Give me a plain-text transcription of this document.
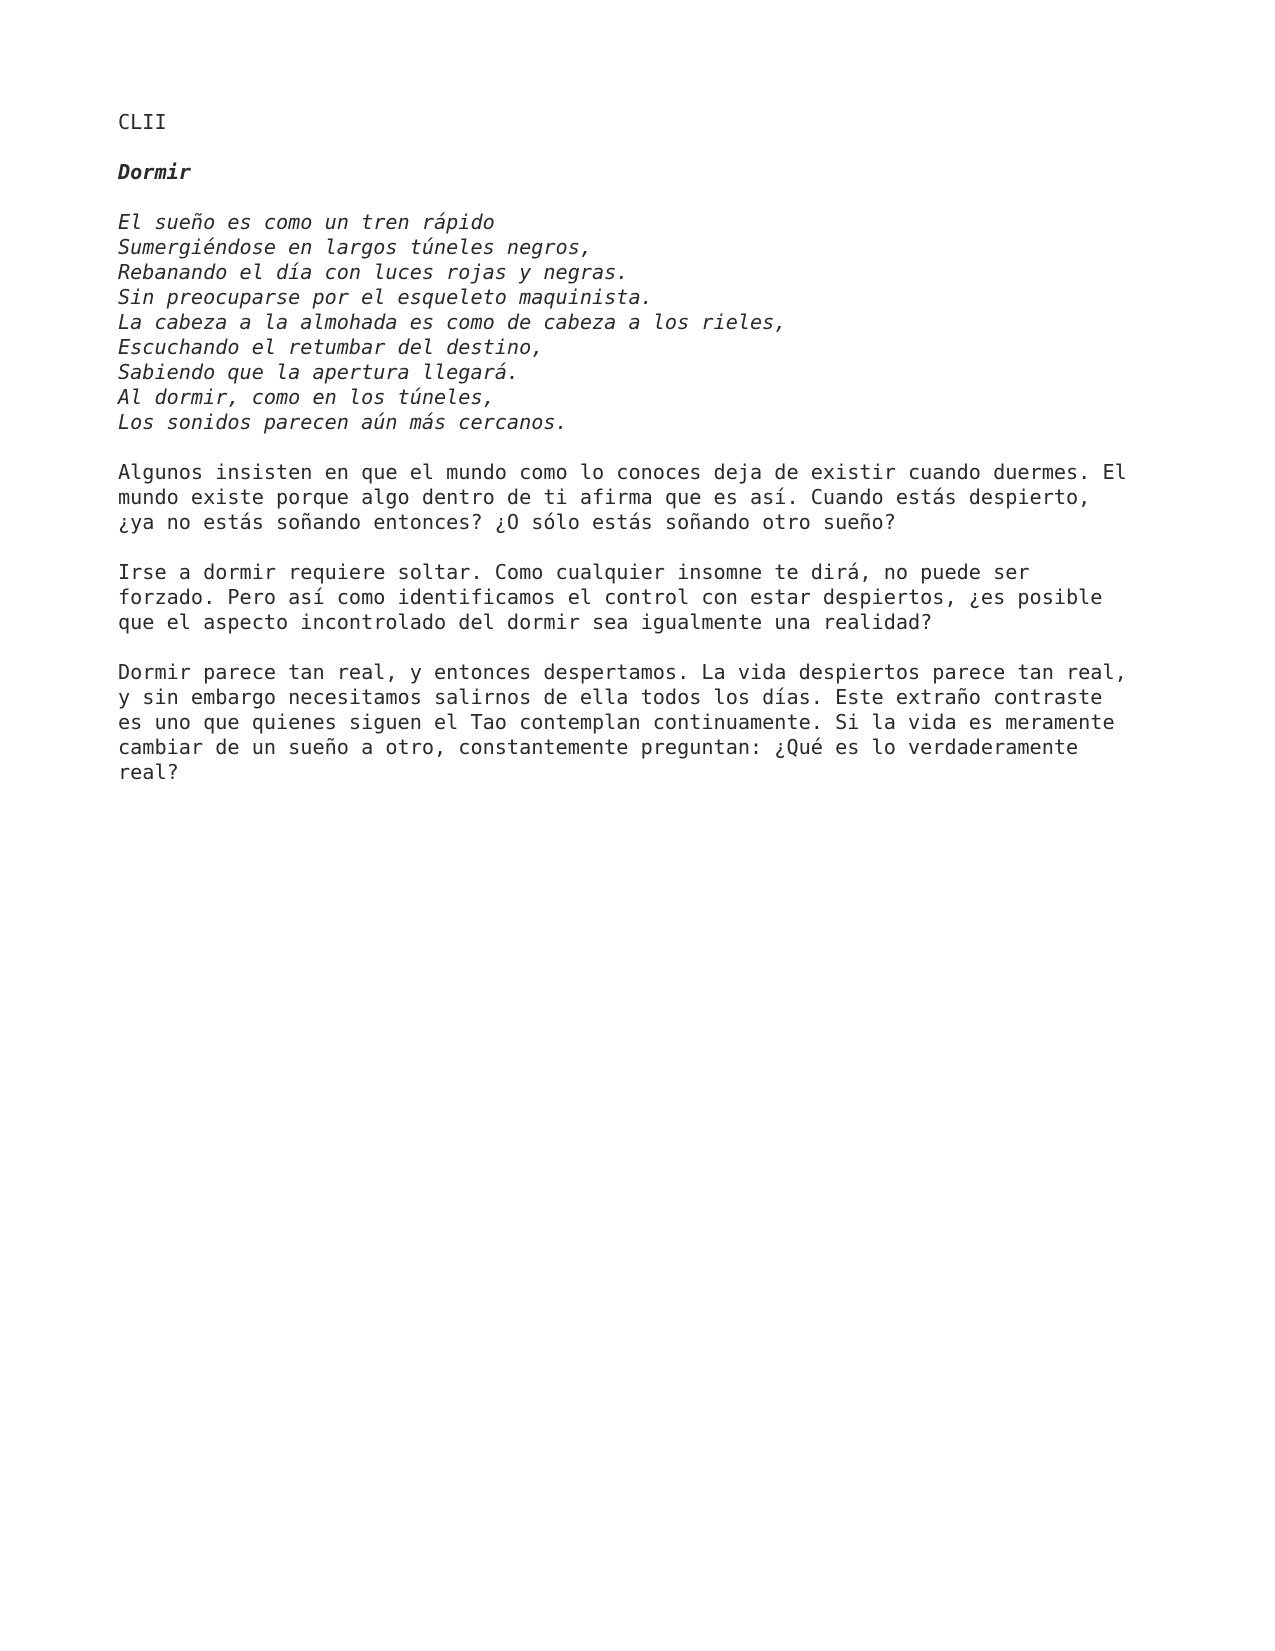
CLII
Dormir
El sueño es como un tren rápido
Sumergiéndose en largos túneles negros,
Rebanando el día con luces rojas y negras.
Sin preocuparse por el esqueleto maquinista.
La cabeza a la almohada es como de cabeza a los rieles,
Escuchando el retumbar del destino,
Sabiendo que la apertura llegará.
Al dormir, como en los túneles,
Los sonidos parecen aún más cercanos.
Algunos insisten en que el mundo como lo conoces deja de existir cuando duermes. El
mundo existe porque algo dentro de ti afirma que es así. Cuando estás despierto,
¿ya no estás soñando entonces? ¿O sólo estás soñando otro sueño?
Irse a dormir requiere soltar. Como cualquier insomne te dirá, no puede ser
forzado. Pero así como identificamos el control con estar despiertos, ¿es posible
que el aspecto incontrolado del dormir sea igualmente una realidad?
Dormir parece tan real, y entonces despertamos. La vida despiertos parece tan real,
y sin embargo necesitamos salirnos de ella todos los días. Este extraño contraste
es uno que quienes siguen el Tao contemplan continuamente. Si la vida es meramente
cambiar de un sueño a otro, constantemente preguntan: ¿Qué es lo verdaderamente
real?
